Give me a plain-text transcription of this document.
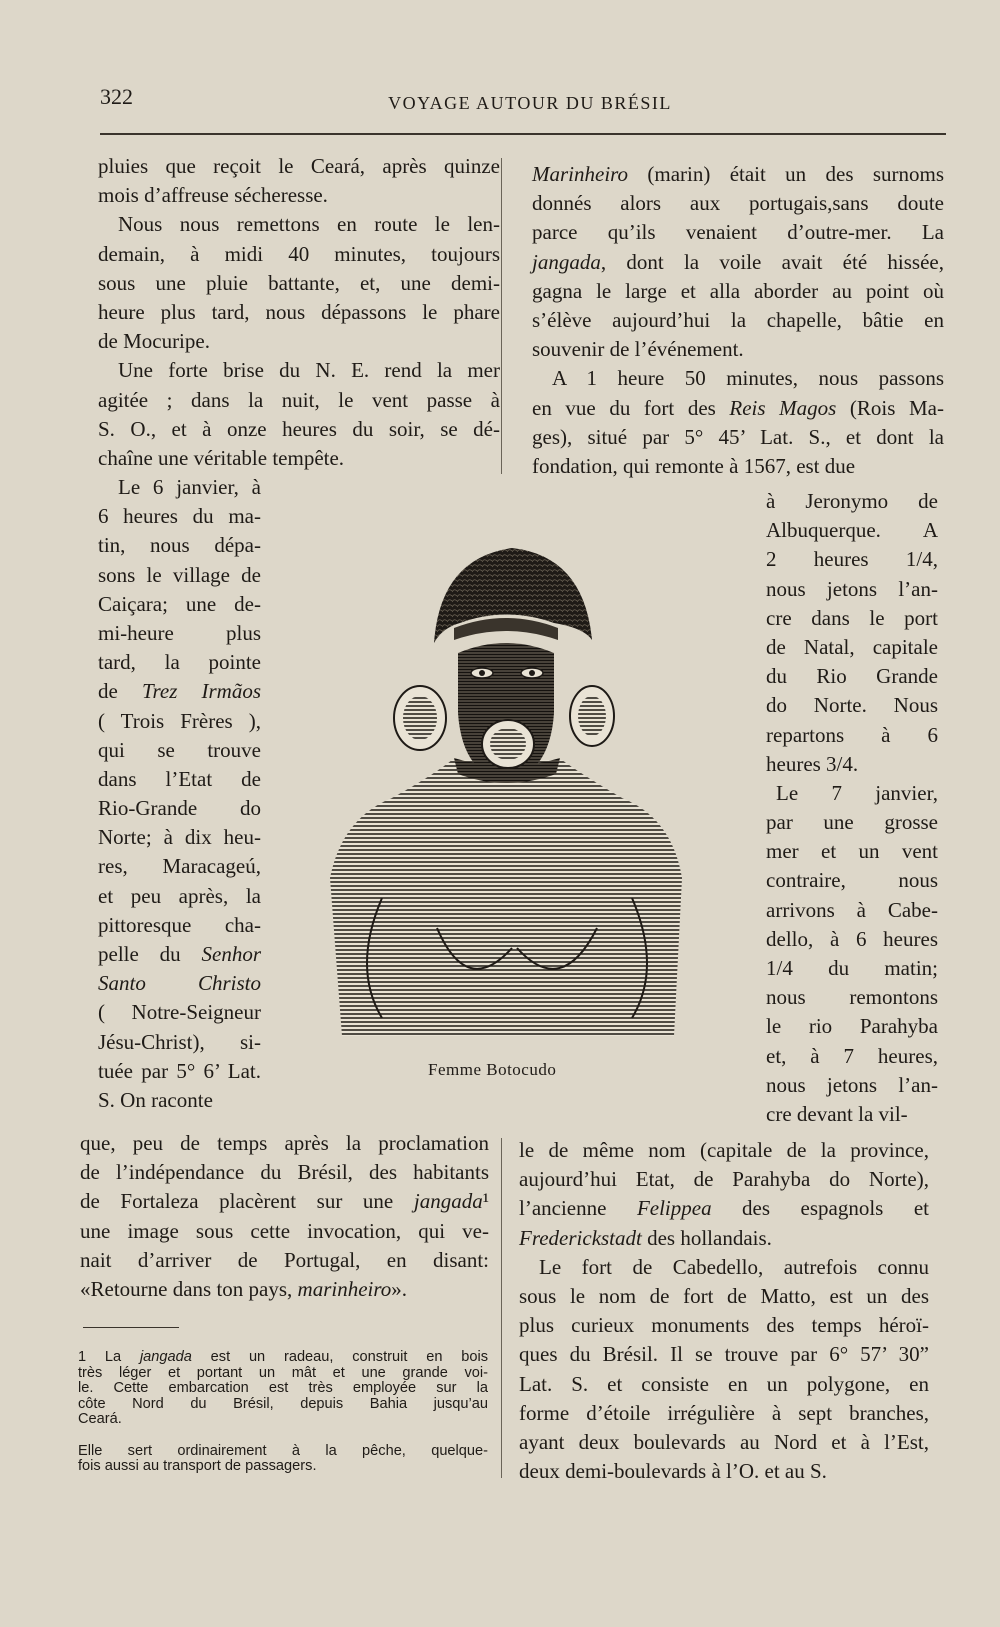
322	VOYAGE AUTOUR DU BRÉSIL
pluies que reçoit le Ceará, après quinze
mois d’affreuse sécheresse.
Nous nous remettons en route le len-
demain, à midi 40 minutes, toujours
sous une pluie battante, et, une demi-
heure plus tard, nous dépassons le phare
de Mocuripe.
Une forte brise du N. E. rend la mer
agitée ; dans la nuit, le vent passe à
S. O., et à onze heures du soir, se dé-
chaîne une véritable tempête.
Le 6 janvier, à
6 heures du ma-
tin, nous dépa-
sons le village de
Caiçara; une de-
mi-heure plus
tard, la pointe
de Trez Irmãos
( Trois Frères ),
qui se trouve
dans l’Etat de
Rio-Grande do
Norte; à dix heu-
res, Maracageú,
et peu après, la
pittoresque cha-
pelle du Senhor
Santo Christo
( Notre-Seigneur
Jésu-Christ), si-
tuée par 5° 6’ Lat.
S. On raconte
que, peu de temps après la proclamation
de l’indépendance du Brésil, des habitants
de Fortaleza placèrent sur une jangada¹
une image sous cette invocation, qui ve-
nait d’arriver de Portugal, en disant:
«Retourne dans ton pays, marinheiro».
Marinheiro (marin) était un des surnoms
donnés alors aux portugais,sans doute
parce qu’ils venaient d’outre-mer. La
jangada, dont la voile avait été hissée,
gagna le large et alla aborder au point où
s’élève aujourd’hui la chapelle, bâtie en
souvenir de l’événement.
A 1 heure 50 minutes, nous passons
en vue du fort des Reis Magos (Rois Ma-
ges), situé par 5° 45’ Lat. S., et dont la
fondation, qui remonte à 1567, est due
à Jeronymo de
Albuquerque. A
2 heures 1/4,
nous jetons l’an-
cre dans le port
de Natal, capitale
du Rio Grande
do Norte. Nous
repartons à 6
heures 3/4.
Le 7 janvier,
par une grosse
mer et un vent
contraire, nous
arrivons à Cabe-
dello, à 6 heures
1/4 du matin;
nous remontons
le rio Parahyba
et, à 7 heures,
nous jetons l’an-
cre devant la vil-
le de même nom (capitale de la province,
aujourd’hui Etat, de Parahyba do Norte),
l’ancienne Felippea des espagnols et
Frederickstadt des hollandais.
Le fort de Cabedello, autrefois connu
sous le nom de fort de Matto, est un des
plus curieux monuments des temps héroï-
ques du Brésil. Il se trouve par 6° 57’ 30”
Lat. S. et consiste en un polygone, en
forme d’étoile irrégulière à sept branches,
ayant deux boulevards au Nord et à l’Est,
deux demi-boulevards à l’O. et au S.
Femme Botocudo
1 La jangada est un radeau, construit en bois
très léger et portant un mât et une grande voi-
le. Cette embarcation est très employée sur la
côte Nord du Brésil, depuis Bahia jusqu’au
Ceará.
Elle sert ordinairement à la pêche, quelque-
fois aussi au transport de passagers.
